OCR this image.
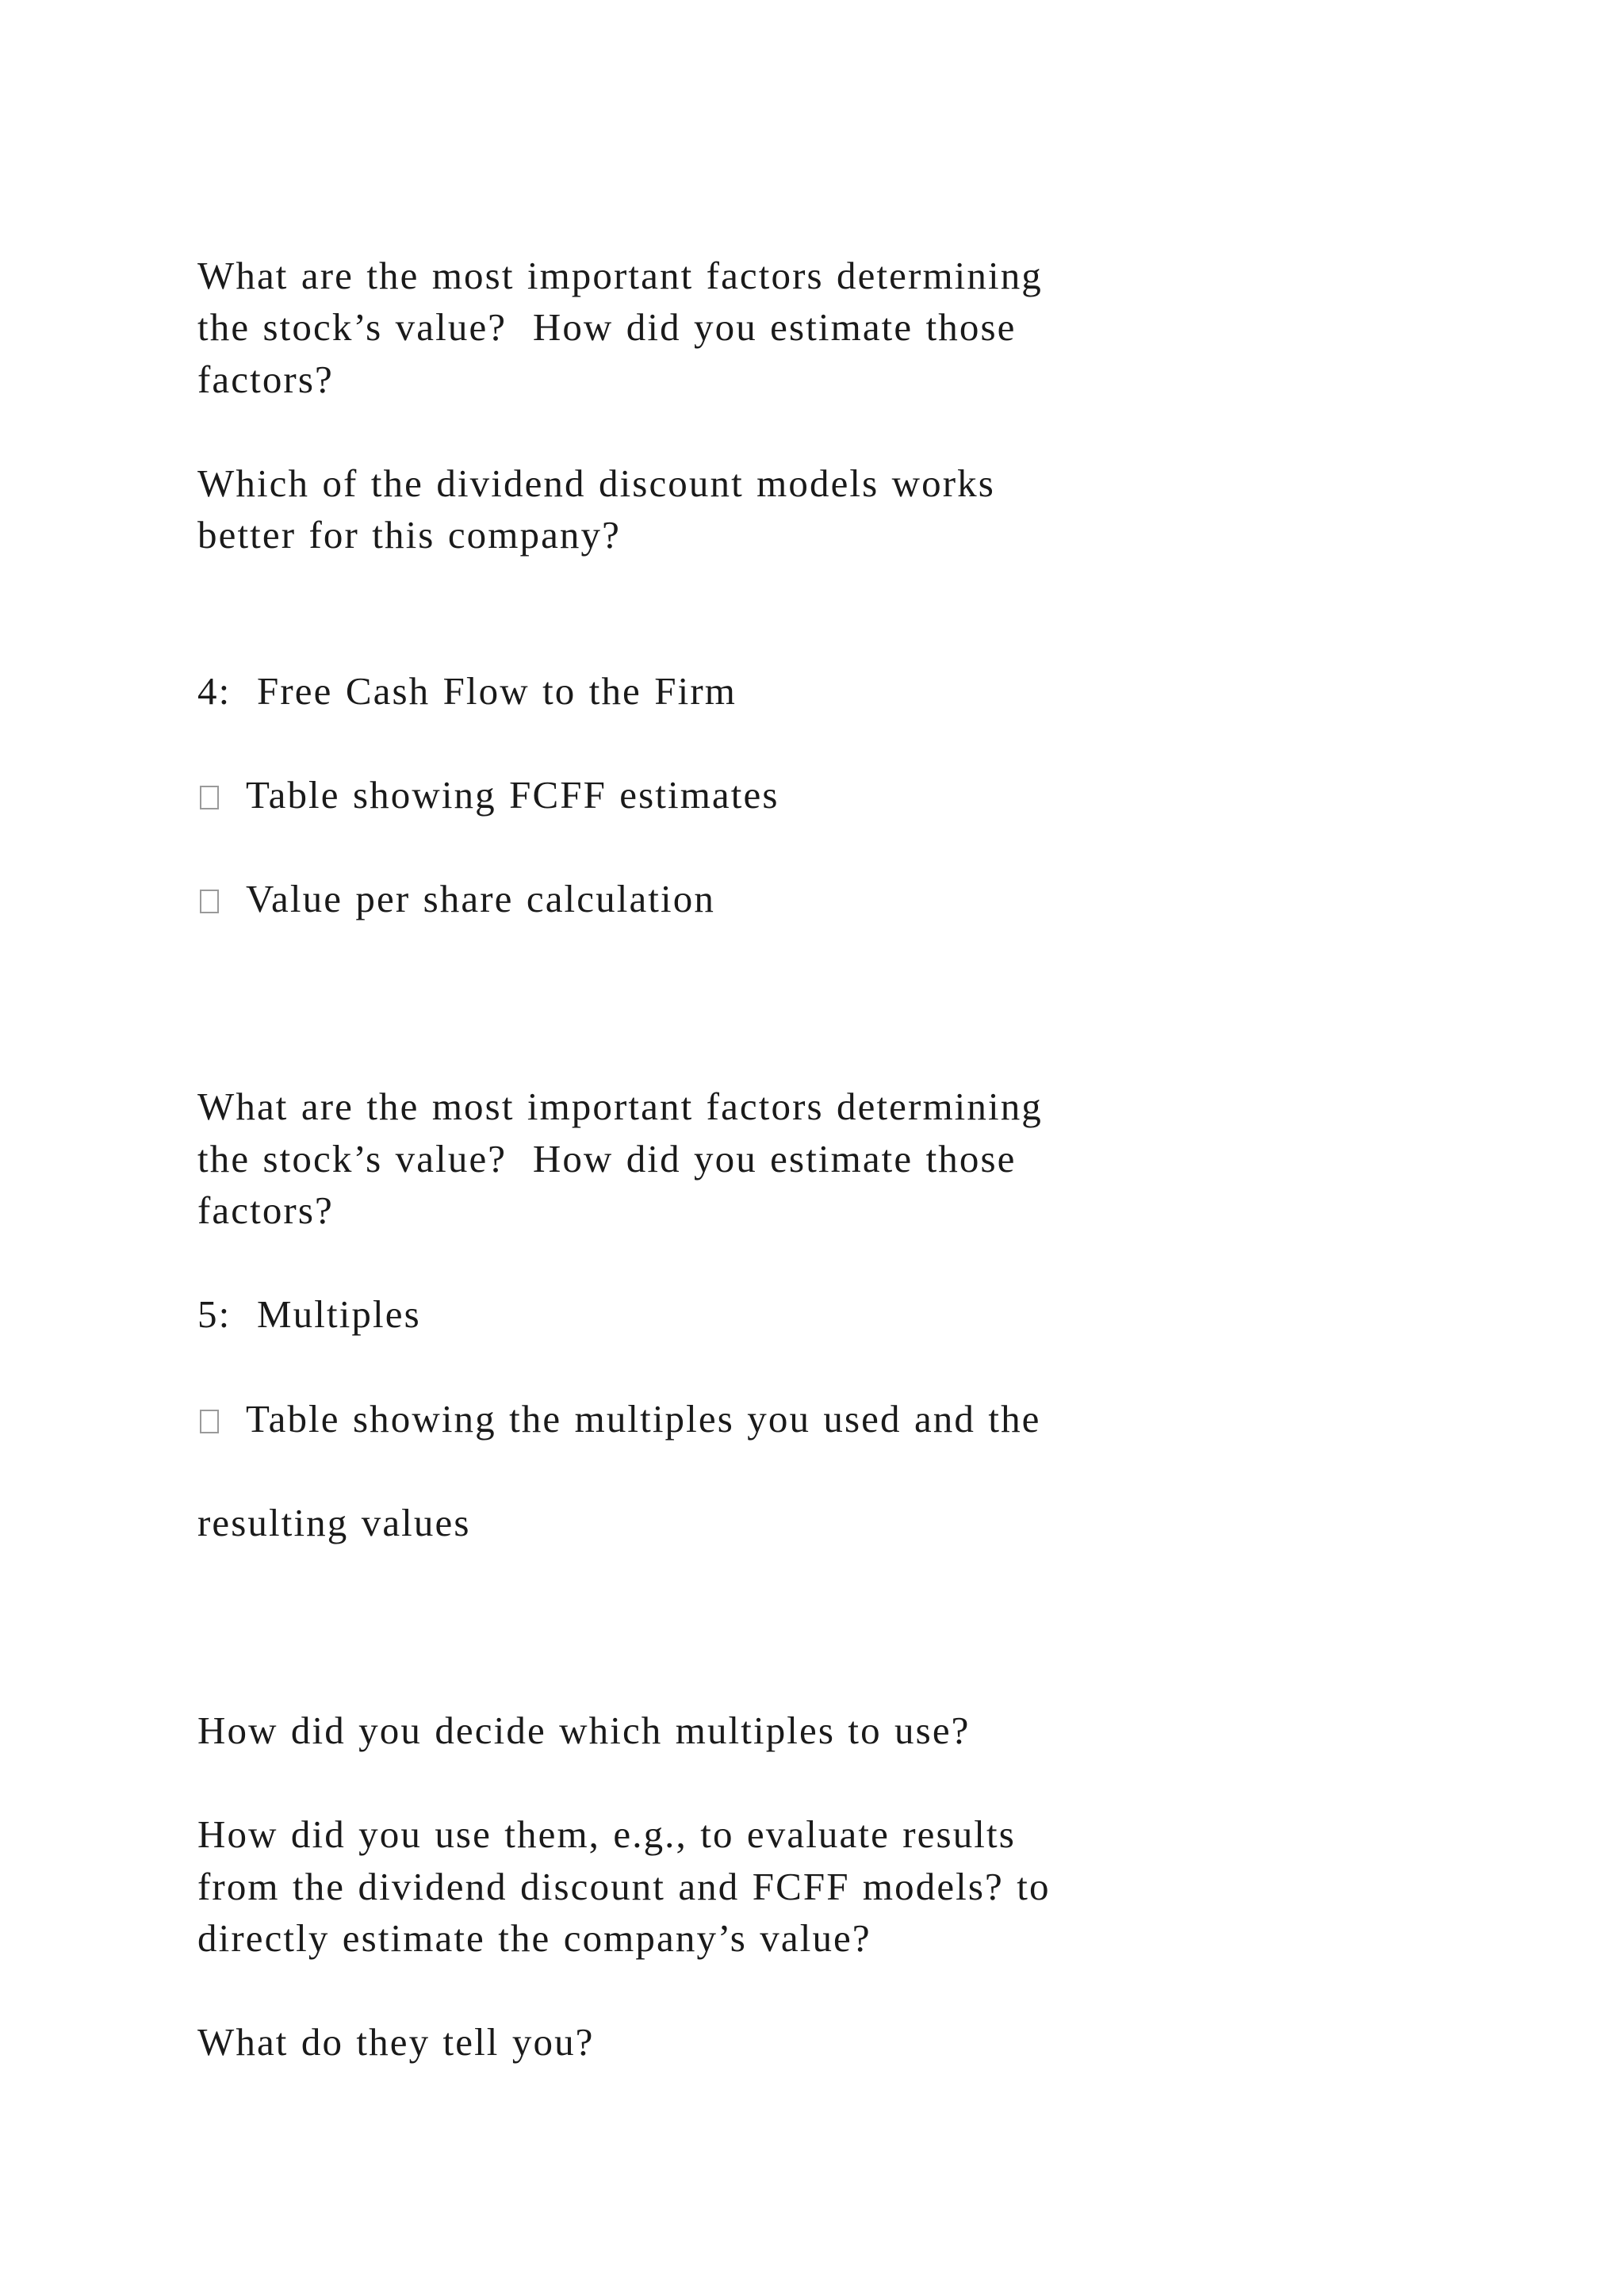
What are the most important factors determining

the stock’s value?  How did you estimate those

factors?

Which of the dividend discount models works

better for this company?

4:  Free Cash Flow to the Firm

Table showing FCFF estimates

Value per share calculation

What are the most important factors determining

the stock’s value?  How did you estimate those

factors?

5:  Multiples

Table showing the multiples you used and the

resulting values

How did you decide which multiples to use?

How did you use them, e.g., to evaluate results

from the dividend discount and FCFF models? to

directly estimate the company’s value?

What do they tell you?
